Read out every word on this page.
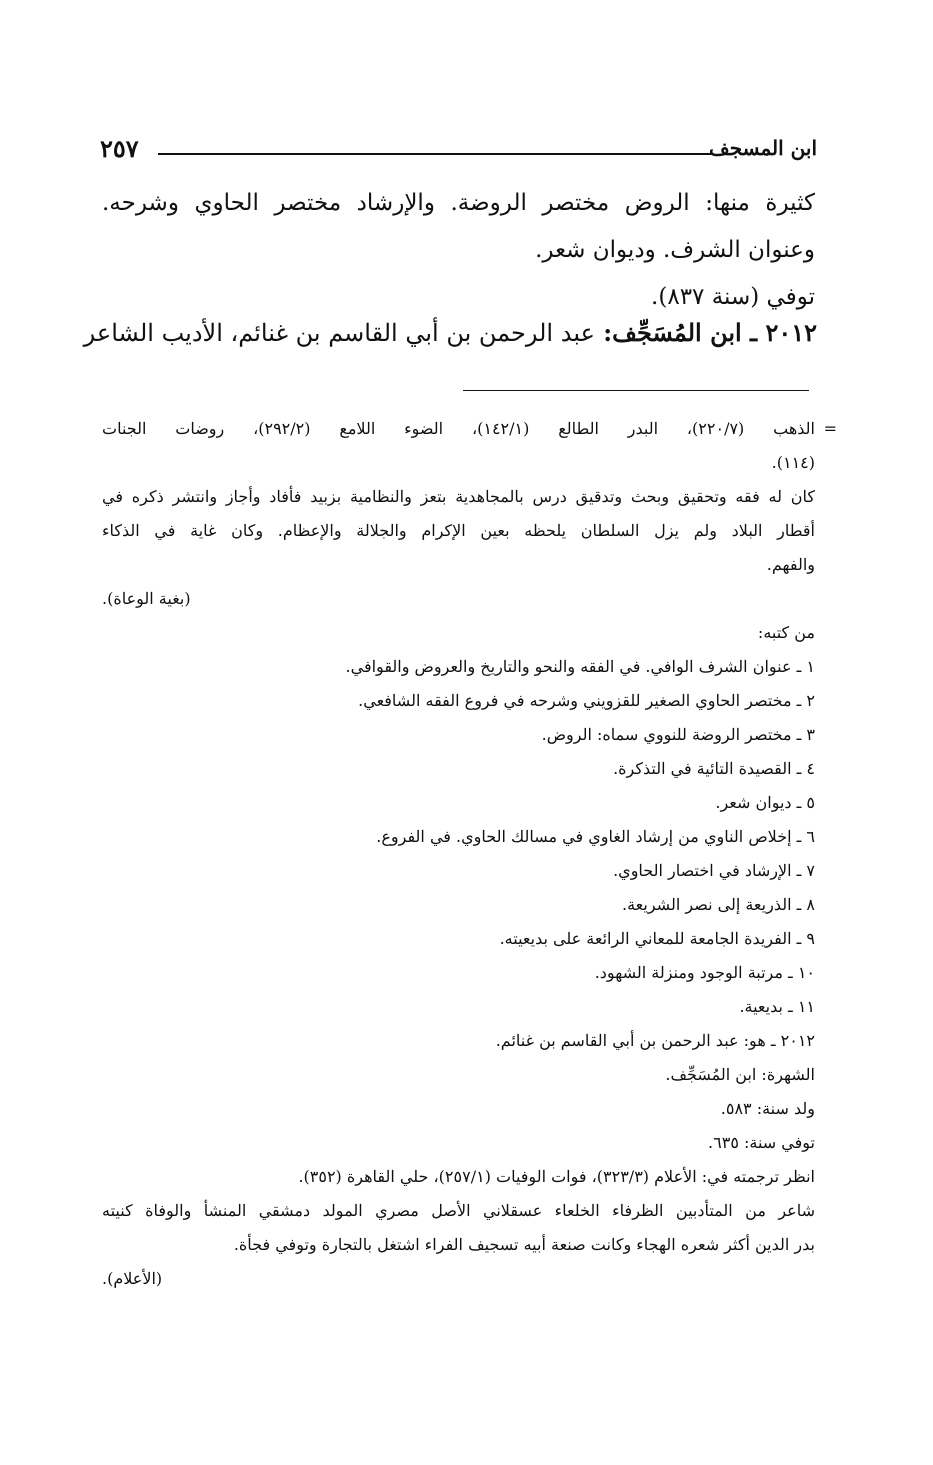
ابن المسجف
٢٥٧

كثيرة منها: الروض مختصر الروضة. والإرشاد مختصر الحاوي وشرحه.

وعنوان الشرف. وديوان شعر.

توفي (سنة ٨٣٧).

٢٠١٢ ـ ابن المُسَجِّف: عبد الرحمن بن أبي القاسم بن غنائم، الأديب الشاعر
=
الذهب (٢٢٠/٧)، البدر الطالع (١٤٢/١)، الضوء اللامع (٢٩٢/٢)، روضات الجنات
(١١٤).
كان له فقه وتحقيق وبحث وتدقيق درس بالمجاهدية بتعز والنظامية بزبيد فأفاد وأجاز وانتشر ذكره في
أقطار البلاد ولم يزل السلطان يلحظه بعين الإكرام والجلالة والإعظام. وكان غاية في الذكاء
والفهم.
(بغية الوعاة).
من كتبه:
١ ـ عنوان الشرف الوافي. في الفقه والنحو والتاريخ والعروض والقوافي.
٢ ـ مختصر الحاوي الصغير للقزويني وشرحه في فروع الفقه الشافعي.
٣ ـ مختصر الروضة للنووي سماه: الروض.
٤ ـ القصيدة التائية في التذكرة.
٥ ـ ديوان شعر.
٦ ـ إخلاص الناوي من إرشاد الغاوي في مسالك الحاوي. في الفروع.
٧ ـ الإرشاد في اختصار الحاوي.
٨ ـ الذريعة إلى نصر الشريعة.
٩ ـ الفريدة الجامعة للمعاني الرائعة على بديعيته.
١٠ ـ مرتبة الوجود ومنزلة الشهود.
١١ ـ بديعية.
٢٠١٢ ـ هو: عبد الرحمن بن أبي القاسم بن غنائم.
الشهرة: ابن المُسَجِّف.
ولد سنة: ٥٨٣.
توفي سنة: ٦٣٥.
انظر ترجمته في: الأعلام (٣٢٣/٣)، فوات الوفيات (٢٥٧/١)، حلي القاهرة (٣٥٢).
شاعر من المتأدبين الظرفاء الخلعاء عسقلاني الأصل مصري المولد دمشقي المنشأ والوفاة كنيته
بدر الدين أكثر شعره الهجاء وكانت صنعة أبيه تسجيف الفراء اشتغل بالتجارة وتوفي فجأة.
(الأعلام).
